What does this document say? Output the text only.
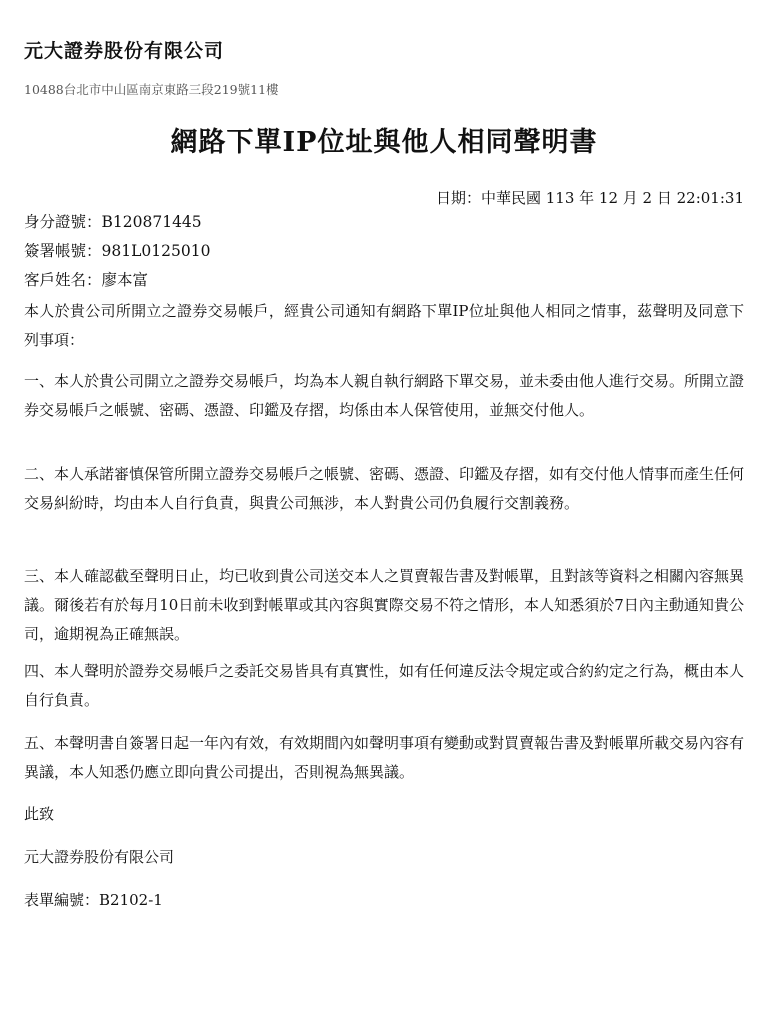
元大證券股份有限公司
10488台北市中山區南京東路三段219號11樓
網路下單IP位址與他人相同聲明書
日期：中華民國 113 年 12 月 2 日 22:01:31
身分證號：B120871445
簽署帳號：981L0125010
客戶姓名：廖本富
本人於貴公司所開立之證券交易帳戶，經貴公司通知有網路下單IP位址與他人相同之情事，茲聲明及同意下列事項：
一、本人於貴公司開立之證券交易帳戶，均為本人親自執行網路下單交易，並未委由他人進行交易。所開立證券交易帳戶之帳號、密碼、憑證、印鑑及存摺，均係由本人保管使用，並無交付他人。
二、本人承諾審慎保管所開立證券交易帳戶之帳號、密碼、憑證、印鑑及存摺，如有交付他人情事而產生任何交易糾紛時，均由本人自行負責，與貴公司無涉，本人對貴公司仍負履行交割義務。
三、本人確認截至聲明日止，均已收到貴公司送交本人之買賣報告書及對帳單，且對該等資料之相關內容無異議。爾後若有於每月10日前未收到對帳單或其內容與實際交易不符之情形，本人知悉須於7日內主動通知貴公司，逾期視為正確無誤。
四、本人聲明於證券交易帳戶之委託交易皆具有真實性，如有任何違反法令規定或合約約定之行為，概由本人自行負責。
五、本聲明書自簽署日起一年內有效，有效期間內如聲明事項有變動或對買賣報告書及對帳單所載交易內容有異議，本人知悉仍應立即向貴公司提出，否則視為無異議。
此致
元大證券股份有限公司
表單編號：B2102-1
